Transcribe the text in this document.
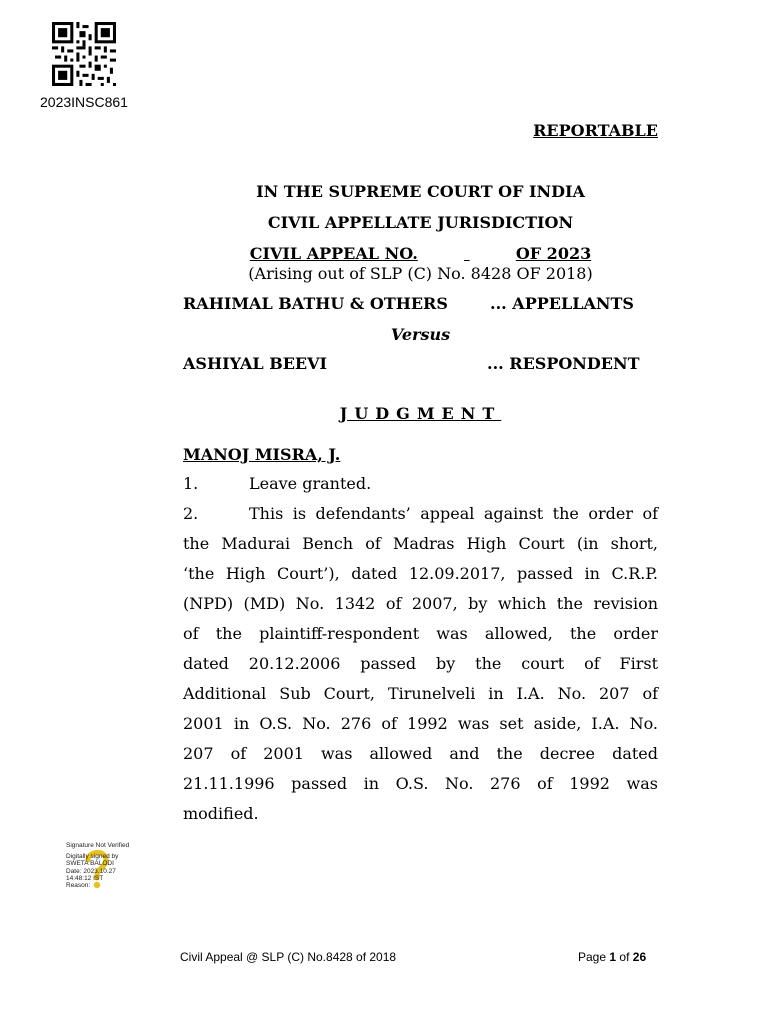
2023INSC861
REPORTABLE
IN THE SUPREME COURT OF INDIA
CIVIL APPELLATE JURISDICTION
CIVIL APPEAL NO.	OF 2023
(Arising out of SLP (C) No. 8428 OF 2018)
RAHIMAL BATHU & OTHERS	... APPELLANTS
Versus
ASHIYAL BEEVI	... RESPONDENT
JUDGMENT
MANOJ MISRA, J.
1.	Leave granted.
2.	This is defendants’ appeal against the order of
the Madurai Bench of Madras High Court (in short,
‘the High Court’), dated 12.09.2017, passed in C.R.P.
(NPD) (MD) No. 1342 of 2007, by which the revision
of the plaintiff-respondent was allowed, the order
dated 20.12.2006 passed by the court of First
Additional Sub Court, Tirunelveli in I.A. No. 207 of
2001 in O.S. No. 276 of 1992 was set aside, I.A. No.
207 of 2001 was allowed and the decree dated
21.11.1996 passed in O.S. No. 276 of 1992 was
modified.
Signature Not Verified
Digitally signed by
SWETA BALODI
Date: 2023.10.27
14:48:12 IST
Reason:
Civil Appeal @ SLP (C) No.8428 of 2018	Page 1 of 26
